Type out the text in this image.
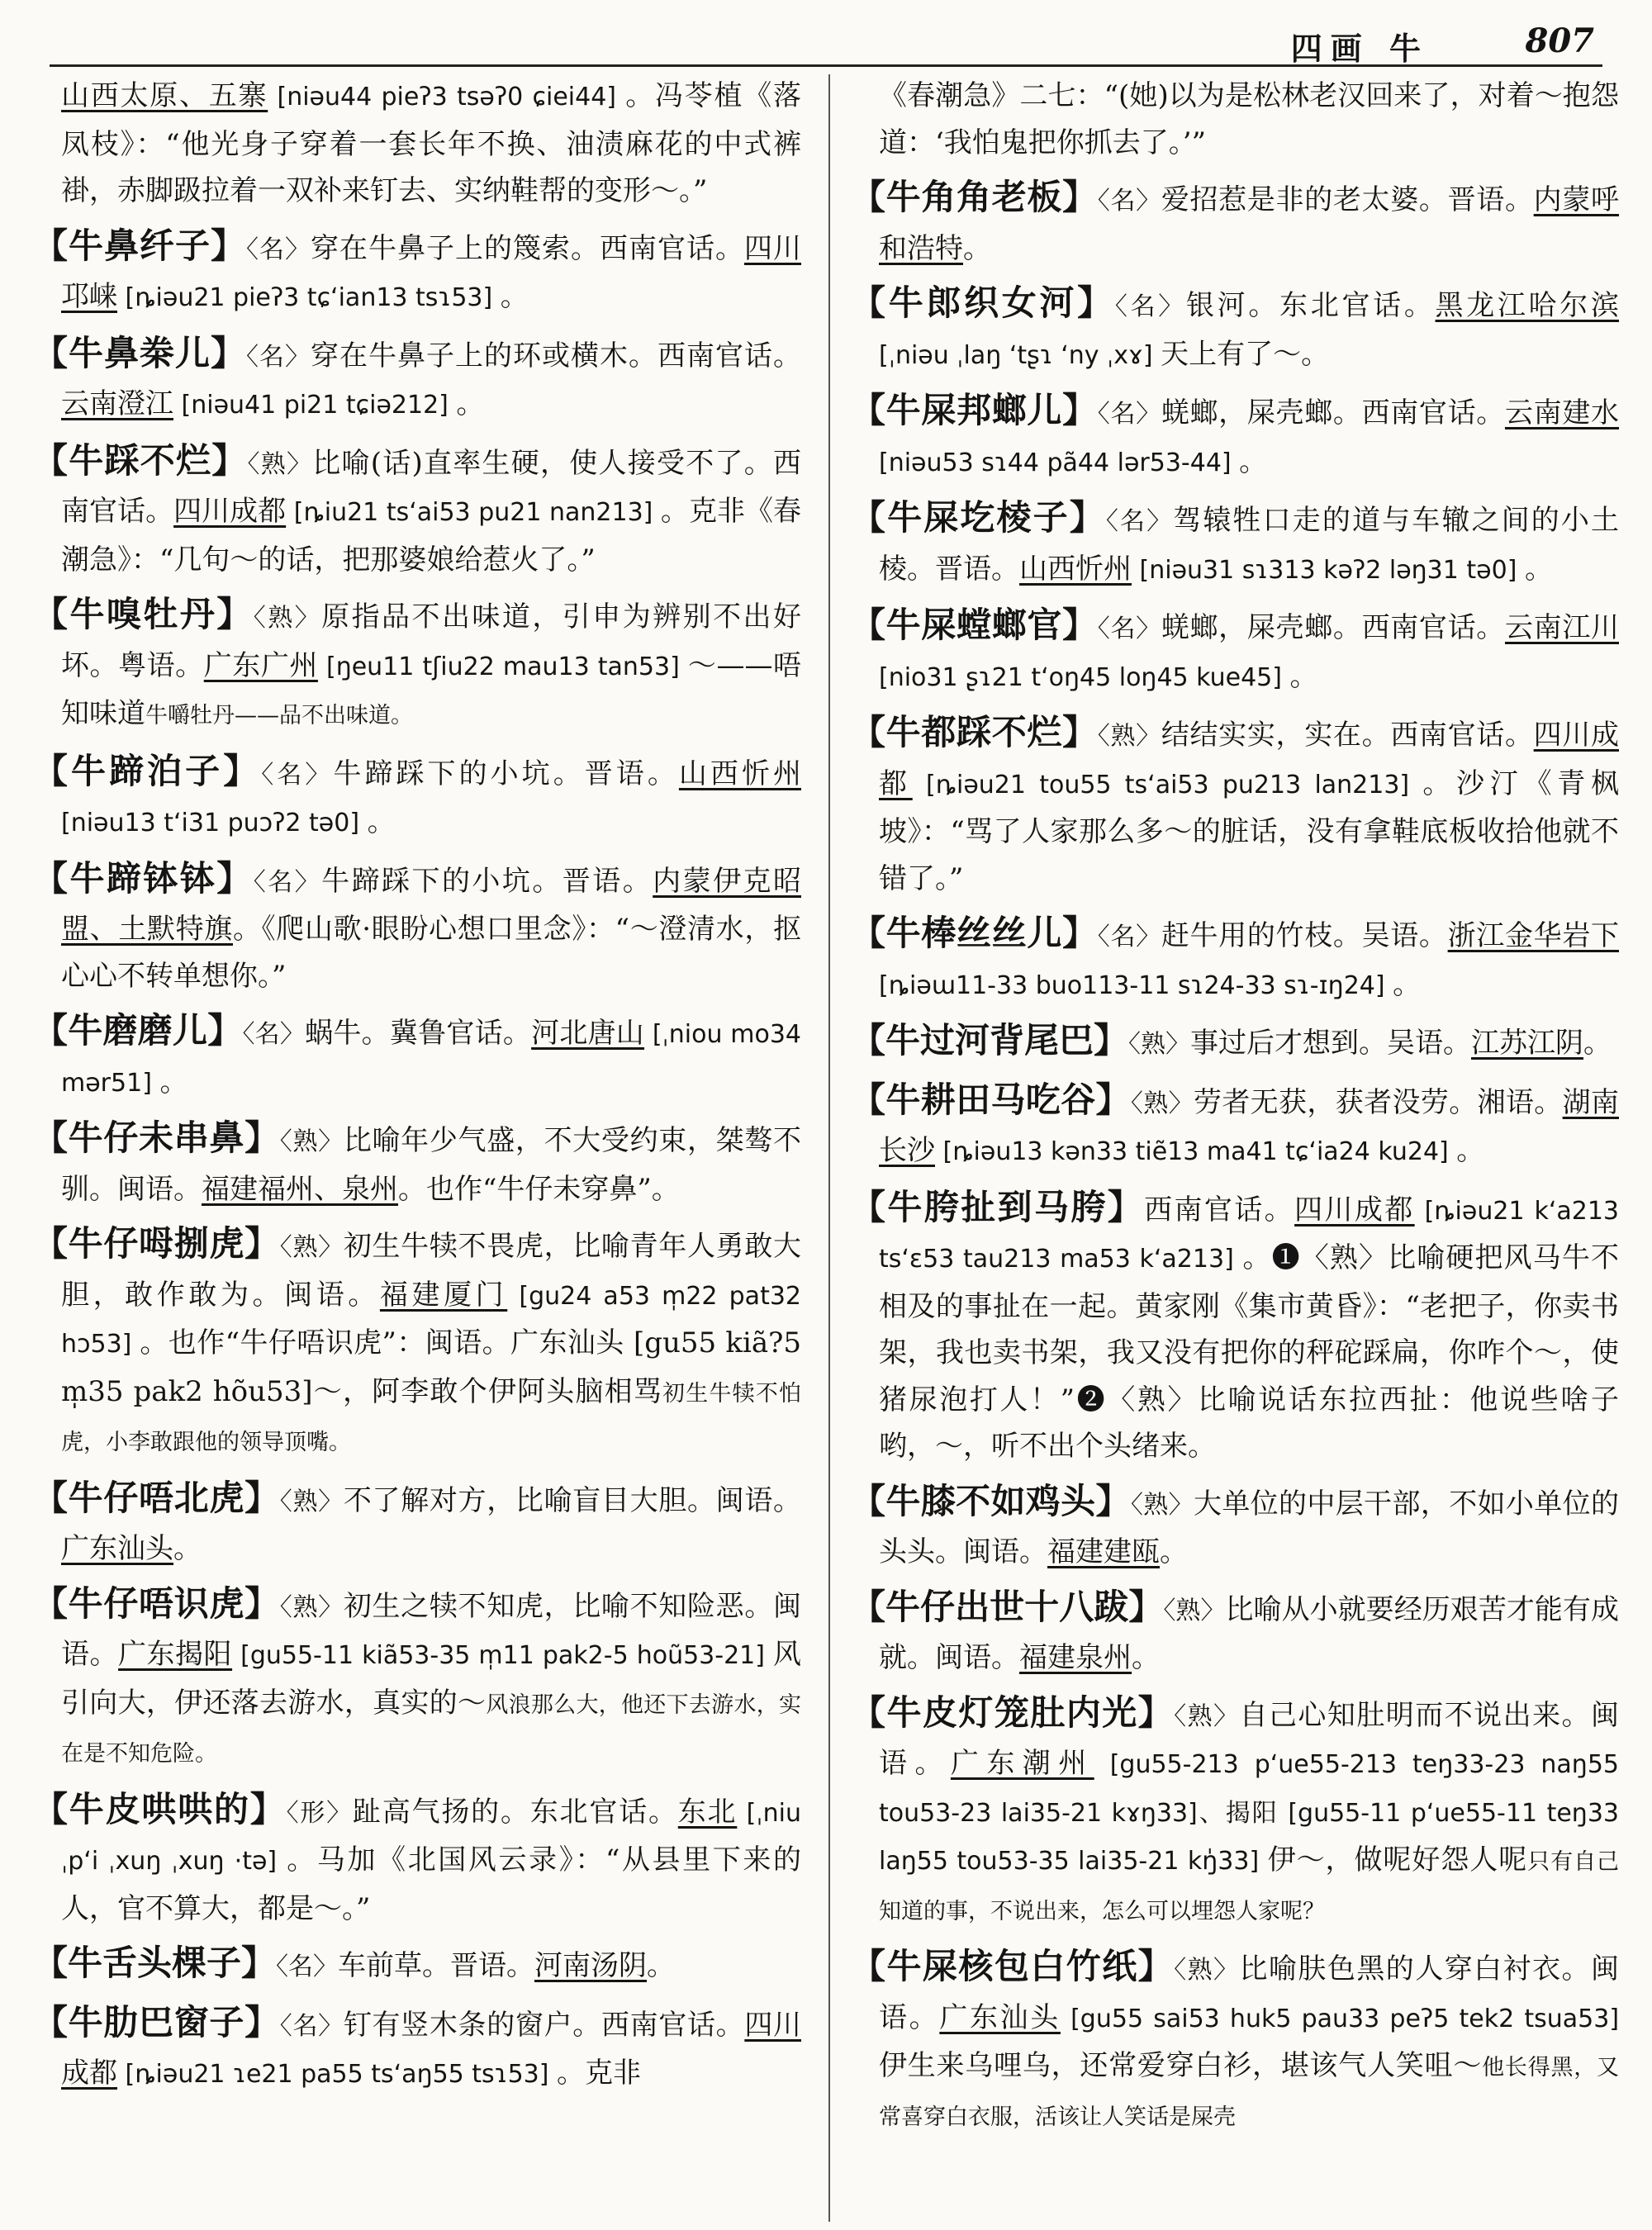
四画 牛	807

山西太原、五寨 [niəu44 pieʔ3 tsəʔ0 ɕiei44] 。冯苓植《落凤枝》：“他光身子穿着一套长年不换、油渍麻花的中式裤褂，赤脚趿拉着一双补来钉去、实纳鞋帮的变形～。”

【牛鼻纤子】〈名〉穿在牛鼻子上的篾索。西南官话。四川邛崃 [ȵiəu21 pieʔ3 tɕʻian13 tsɿ53] 。

【牛鼻桊儿】〈名〉穿在牛鼻子上的环或横木。西南官话。云南澄江 [niəu41 pi21 tɕiə212] 。

【牛踩不烂】〈熟〉比喻(话)直率生硬，使人接受不了。西南官话。四川成都 [ȵiu21 tsʻai53 pu21 nan213] 。克非《春潮急》：“几句～的话，把那婆娘给惹火了。”

【牛嗅牡丹】〈熟〉原指品不出味道，引申为辨别不出好坏。粤语。广东广州 [ŋeu11 tʃiu22 mau13 tan53] ～——唔知味道牛嚼牡丹——品不出味道。

【牛蹄泊子】〈名〉牛蹄踩下的小坑。晋语。山西忻州 [niəu13 tʻi31 puɔʔ2 tə0] 。

【牛蹄钵钵】〈名〉牛蹄踩下的小坑。晋语。内蒙伊克昭盟、土默特旗。《爬山歌·眼盼心想口里念》：“～澄清水，抠心心不转单想你。”

【牛磨磨儿】〈名〉蜗牛。冀鲁官话。河北唐山 [ˌniou mo34 mər51] 。

【牛仔未串鼻】〈熟〉比喻年少气盛，不大受约束，桀骜不驯。闽语。福建福州、泉州。也作“牛仔未穿鼻”。

【牛仔呣捌虎】〈熟〉初生牛犊不畏虎，比喻青年人勇敢大胆，敢作敢为。闽语。福建厦门 [gu24 a53 m̩22 pat32 hɔ53] 。也作“牛仔唔识虎”：闽语。广东汕头 [gu55 kiã?5 m̩35 pak2 hõu53]～，阿李敢个伊阿头脑相骂初生牛犊不怕虎，小李敢跟他的领导顶嘴。

【牛仔唔北虎】〈熟〉不了解对方，比喻盲目大胆。闽语。广东汕头。

【牛仔唔识虎】〈熟〉初生之犊不知虎，比喻不知险恶。闽语。广东揭阳 [gu55-11 kiã53-35 m̩11 pak2-5 hoũ53-21] 风引向大，伊还落去游水，真实的～风浪那么大，他还下去游水，实在是不知危险。

【牛皮哄哄的】〈形〉趾高气扬的。东北官话。东北 [ˌniu ˌpʻi ˌxuŋ ˌxuŋ ·tə] 。马加《北国风云录》：“从县里下来的人，官不算大，都是～。”

【牛舌头棵子】〈名〉车前草。晋语。河南汤阴。

【牛肋巴窗子】〈名〉钉有竖木条的窗户。西南官话。四川成都 [ȵiəu21 ɿe21 pa55 tsʻaŋ55 tsɿ53] 。克非

《春潮急》二七：“(她)以为是松林老汉回来了，对着～抱怨道：‘我怕鬼把你抓去了。’”

【牛角角老板】〈名〉爱招惹是非的老太婆。晋语。内蒙呼和浩特。

【牛郎织女河】〈名〉银河。东北官话。黑龙江哈尔滨 [ˌniəu ˌlaŋ ʻtʂɿ ʻny ˌxɤ] 天上有了～。

【牛屎邦螂儿】〈名〉蜣螂，屎壳螂。西南官话。云南建水 [niəu53 sɿ44 pã44 lər53-44] 。

【牛屎圪棱子】〈名〉驾辕牲口走的道与车辙之间的小土棱。晋语。山西忻州 [niəu31 sɿ313 kəʔ2 ləŋ31 tə0] 。

【牛屎螳螂官】〈名〉蜣螂，屎壳螂。西南官话。云南江川 [nio31 ʂɿ21 tʻoŋ45 loŋ45 kue45] 。

【牛都踩不烂】〈熟〉结结实实，实在。西南官话。四川成都 [ȵiəu21 tou55 tsʻai53 pu213 lan213] 。沙汀《青枫坡》：“骂了人家那么多～的脏话，没有拿鞋底板收拾他就不错了。”

【牛棒丝丝儿】〈名〉赶牛用的竹枝。吴语。浙江金华岩下 [ȵiəɯ11-33 buo113-11 sɿ24-33 sɿ-ɪŋ24] 。

【牛过河背尾巴】〈熟〉事过后才想到。吴语。江苏江阴。

【牛耕田马吃谷】〈熟〉劳者无获，获者没劳。湘语。湖南长沙 [ȵiəu13 kən33 tiẽ13 ma41 tɕʻia24 ku24] 。

【牛胯扯到马胯】西南官话。四川成都 [ȵiəu21 kʻa213 tsʻɛ53 tau213 ma53 kʻa213] 。❶〈熟〉比喻硬把风马牛不相及的事扯在一起。黄家刚《集市黄昏》：“老把子，你卖书架，我也卖书架，我又没有把你的秤砣踩扁，你咋个～，使猪尿泡打人！”❷〈熟〉比喻说话东拉西扯：他说些啥子哟，～，听不出个头绪来。

【牛膝不如鸡头】〈熟〉大单位的中层干部，不如小单位的头头。闽语。福建建瓯。

【牛仔出世十八跋】〈熟〉比喻从小就要经历艰苦才能有成就。闽语。福建泉州。

【牛皮灯笼肚内光】〈熟〉自己心知肚明而不说出来。闽语。广东潮州 [gu55-213 pʻue55-213 teŋ33-23 naŋ55 tou53-23 lai35-21 kɤŋ33]、揭阳 [gu55-11 pʻue55-11 teŋ33 laŋ55 tou53-35 lai35-21 kŋ̍33] 伊～，做呢好怨人呢只有自己知道的事，不说出来，怎么可以埋怨人家呢？

【牛屎核包白竹纸】〈熟〉比喻肤色黑的人穿白衬衣。闽语。广东汕头 [gu55 sai53 huk5 pau33 peʔ5 tek2 tsua53] 伊生来乌哩乌，还常爱穿白衫，堪该气人笑咀～他长得黑，又常喜穿白衣服，活该让人笑话是屎壳
